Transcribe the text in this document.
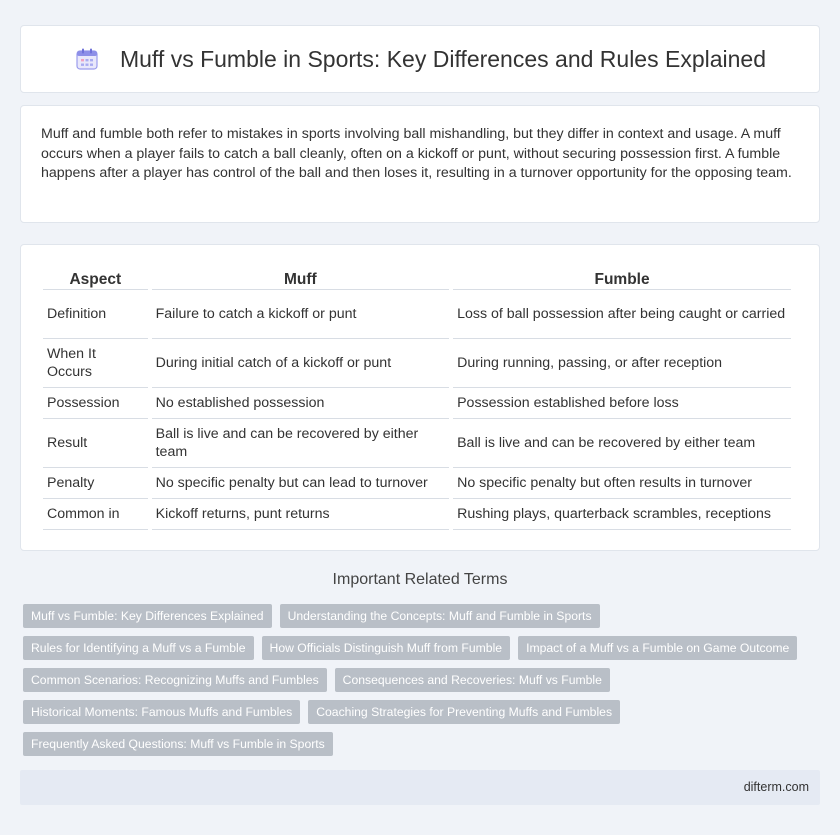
Muff vs Fumble in Sports: Key Differences and Rules Explained

Muff and fumble both refer to mistakes in sports involving ball mishandling, but they differ in context and usage. A muff occurs when a player fails to catch a ball cleanly, often on a kickoff or punt, without securing possession first. A fumble happens after a player has control of the ball and then loses it, resulting in a turnover opportunity for the opposing team.

Aspect	Muff	Fumble
Definition	Failure to catch a kickoff or punt	Loss of ball possession after being caught or carried
When It Occurs	During initial catch of a kickoff or punt	During running, passing, or after reception
Possession	No established possession	Possession established before loss
Result	Ball is live and can be recovered by either team	Ball is live and can be recovered by either team
Penalty	No specific penalty but can lead to turnover	No specific penalty but often results in turnover
Common in	Kickoff returns, punt returns	Rushing plays, quarterback scrambles, receptions
Important Related Terms
Muff vs Fumble: Key Differences Explained	Understanding the Concepts: Muff and Fumble in Sports
Rules for Identifying a Muff vs a Fumble	How Officials Distinguish Muff from Fumble	Impact of a Muff vs a Fumble on Game Outcome
Common Scenarios: Recognizing Muffs and Fumbles	Consequences and Recoveries: Muff vs Fumble
Historical Moments: Famous Muffs and Fumbles	Coaching Strategies for Preventing Muffs and Fumbles
Frequently Asked Questions: Muff vs Fumble in Sports
difterm.com
